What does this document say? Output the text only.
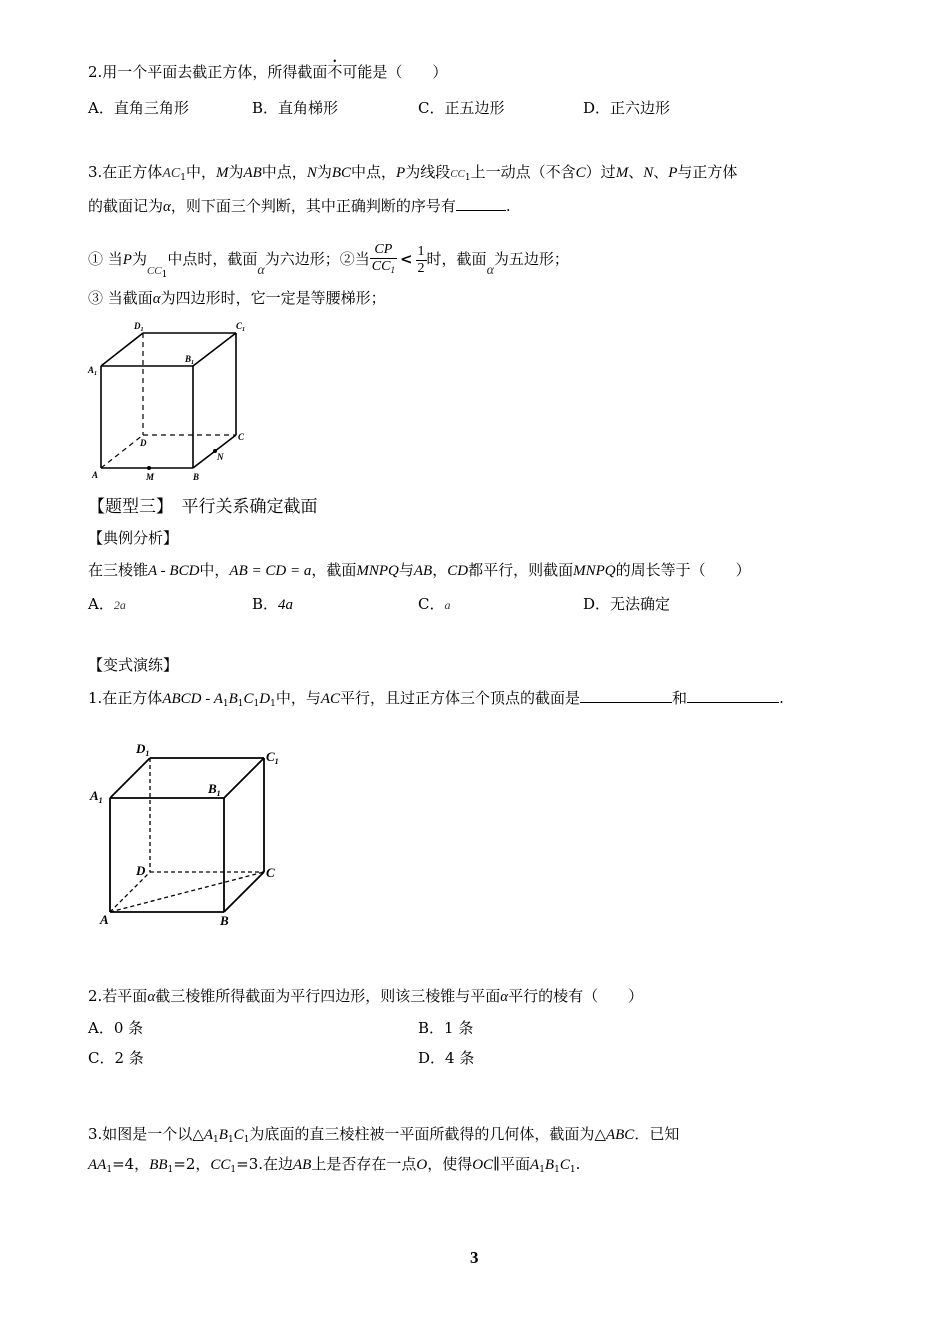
2.用一个平面去截正方体，所得截面不可能是（　　）
A．直角三角形	B．直角梯形	C．正五边形	D．正六边形
3.在正方体$AC_1$中，M为AB中点，N为BC中点，P为线段$CC_1$上一动点（不含C）过M、N、P与正方体
的截面记为α，则下面三个判断，其中正确判断的序号有	.
① 当P为$_{CC1}$中点时，截面α为六边形；②当 $\frac{CP}{CC_1} < \frac{1}{2}$ 时，截面α为五边形；
③ 当截面α为四边形时，它一定是等腰梯形；
$D_1$	$C_1$
$A_1$
$B_1$
D
C
A	B
M
N
【题型三】　平行关系确定截面
【典例分析】
在三棱锥A - BCD中，AB = CD = a，截面MNPQ与AB，CD都平行，则截面MNPQ的周长等于（　　）
A．2a	B．4a	C．a	D．无法确定
【变式演练】
1.在正方体ABCD - $A_1B_1C_1D_1$中，与AC平行，且过正方体三个顶点的截面是	和	.
$D_1$	$C_1$
$A_1$
$B_1$
D	C
A	B
2.若平面α截三棱锥所得截面为平行四边形，则该三棱锥与平面α平行的棱有（　　）
A．0 条	B．1 条
C．2 条	D．4 条
3.如图是一个以$\triangle A_1B_1C_1$为底面的直三棱柱被一平面所截得的几何体，截面为△ABC．已知
$AA_1=4$，$BB_1=2$，$CC_1=3$.在边AB上是否存在一点O，使得OC∥平面$A_1B_1C_1$.
3
